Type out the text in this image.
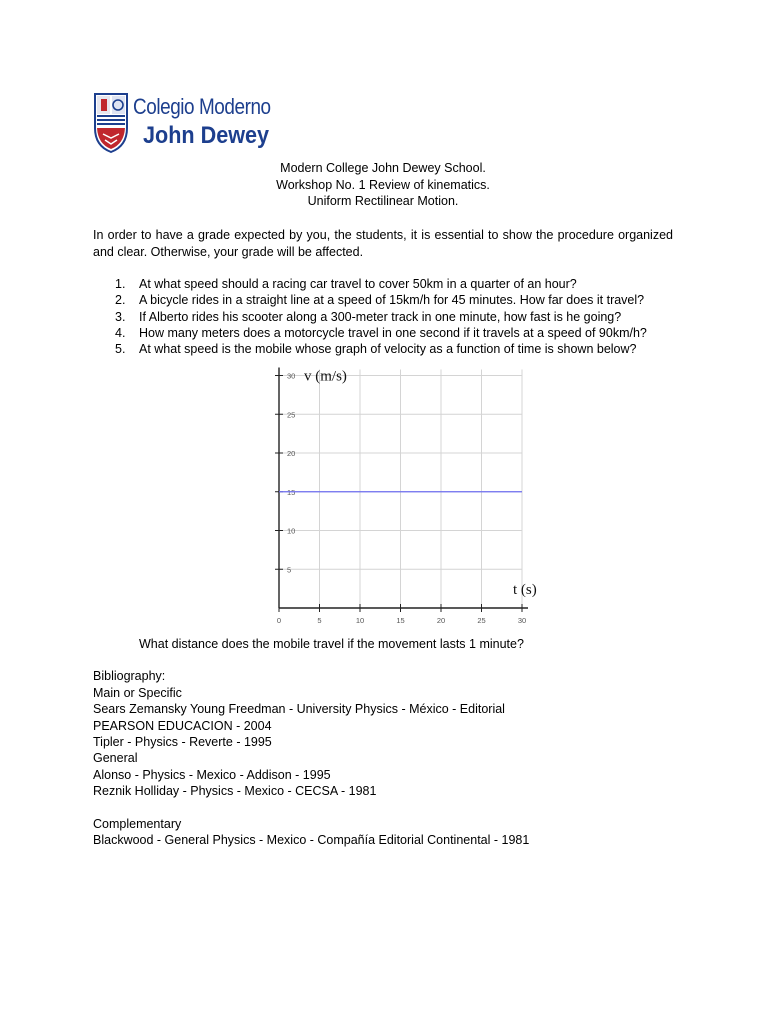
Colegio Moderno
John Dewey
Modern College John Dewey School.
Workshop No. 1 Review of kinematics.
Uniform Rectilinear Motion.
In order to have a grade expected by you, the students, it is essential to show the procedure organized and clear. Otherwise, your grade will be affected.
1. At what speed should a racing car travel to cover 50km in a quarter of an hour?
2. A bicycle rides in a straight line at a speed of 15km/h for 45 minutes. How far does it travel?
3. If Alberto rides his scooter along a 300-meter track in one minute, how fast is he going?
4. How many meters does a motorcycle travel in one second if it travels at a speed of 90km/h?
5. At what speed is the mobile whose graph of velocity as a function of time is shown below?
5
10
15
20
25
30
0	5	10	15	20	25	30
v (m/s)
t (s)
What distance does the mobile travel if the movement lasts 1 minute?
Bibliography:
Main or Specific
Sears Zemansky Young Freedman - University Physics - México - Editorial
PEARSON EDUCACION - 2004
Tipler - Physics - Reverte - 1995
General
Alonso - Physics - Mexico - Addison - 1995
Reznik Holliday - Physics - Mexico - CECSA - 1981
Complementary
Blackwood - General Physics - Mexico - Compañía Editorial Continental - 1981
